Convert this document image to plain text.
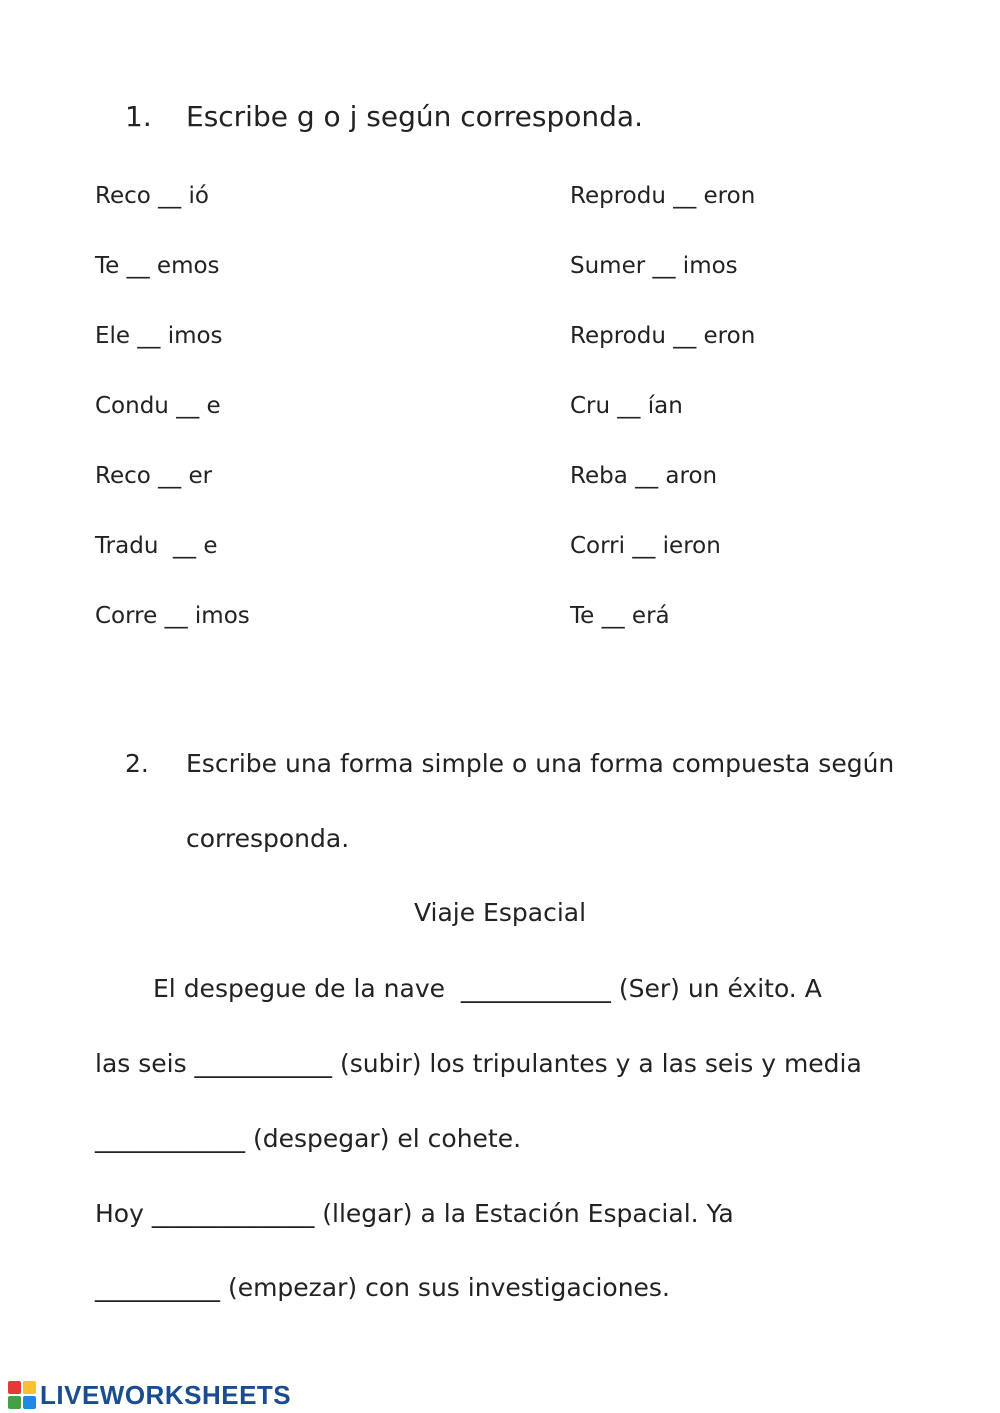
1. Escribe g o j según corresponda.
Reco __ ió
Te __ emos
Ele __ imos
Condu __ e
Reco __ er
Tradu  __ e
Corre __ imos
Reprodu __ eron
Sumer __ imos
Reprodu __ eron
Cru __ ían
Reba __ aron
Corri __ ieron
Te __ erá
2. Escribe una forma simple o una forma compuesta según
corresponda.
Viaje Espacial
El despegue de la nave  ____________ (Ser) un éxito. A
las seis ___________ (subir) los tripulantes y a las seis y media
____________ (despegar) el cohete.
Hoy _____________ (llegar) a la Estación Espacial. Ya
__________ (empezar) con sus investigaciones.
LIVEWORKSHEETS
